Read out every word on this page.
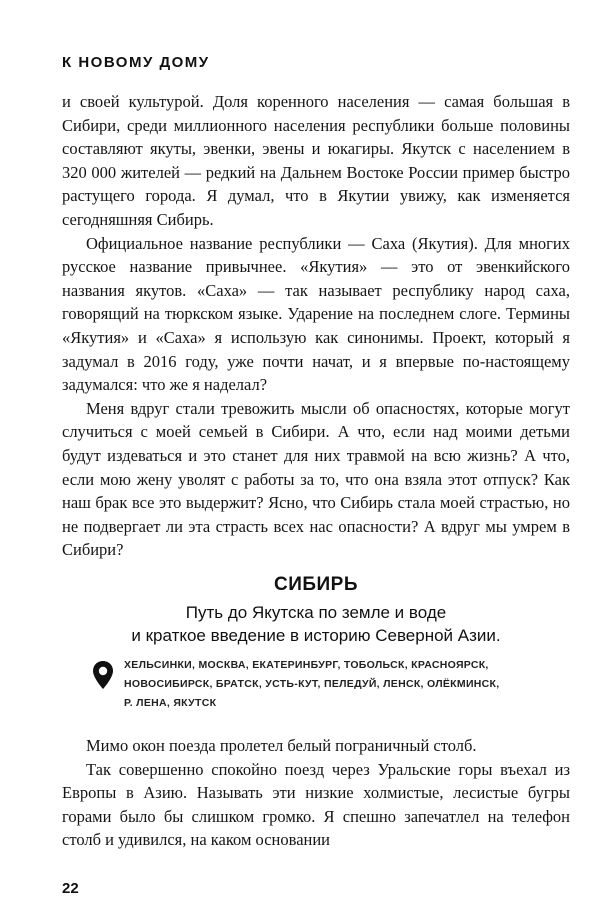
К НОВОМУ ДОМУ

и своей культурой. Доля коренного населения — самая большая в Сибири, среди миллионного населения республики больше половины составляют якуты, эвенки, эвены и юкагиры. Якутск с населением в 320 000 жителей — редкий на Дальнем Востоке России пример быстро растущего города. Я думал, что в Якутии увижу, как изменяется сегодняшняя Сибирь.

Официальное название республики — Саха (Якутия). Для многих русское название привычнее. «Якутия» — это от эвенкийского названия якутов. «Саха» — так называет республику народ саха, говорящий на тюркском языке. Ударение на последнем слоге. Термины «Якутия» и «Саха» я использую как синонимы. Проект, который я задумал в 2016 году, уже почти начат, и я впервые по-настоящему задумался: что же я наделал?

Меня вдруг стали тревожить мысли об опасностях, которые могут случиться с моей семьей в Сибири. А что, если над моими детьми будут издеваться и это станет для них травмой на всю жизнь? А что, если мою жену уволят с работы за то, что она взяла этот отпуск? Как наш брак все это выдержит? Ясно, что Сибирь стала моей страстью, но не подвергает ли эта страсть всех нас опасности? А вдруг мы умрем в Сибири?

СИБИРЬ
Путь до Якутска по земле и воде
и краткое введение в историю Северной Азии.
ХЕЛЬСИНКИ, МОСКВА, ЕКАТЕРИНБУРГ, ТОБОЛЬСК, КРАСНОЯРСК,
НОВОСИБИРСК, БРАТСК, УСТЬ-КУТ, ПЕЛЕДУЙ, ЛЕНСК, ОЛЁКМИНСК,
Р. ЛЕНА, ЯКУТСК

Мимо окон поезда пролетел белый пограничный столб.

Так совершенно спокойно поезд через Уральские горы въехал из Европы в Азию. Называть эти низкие холмистые, лесистые бугры горами было бы слишком громко. Я спешно запечатлел на телефон столб и удивился, на каком основании

22
